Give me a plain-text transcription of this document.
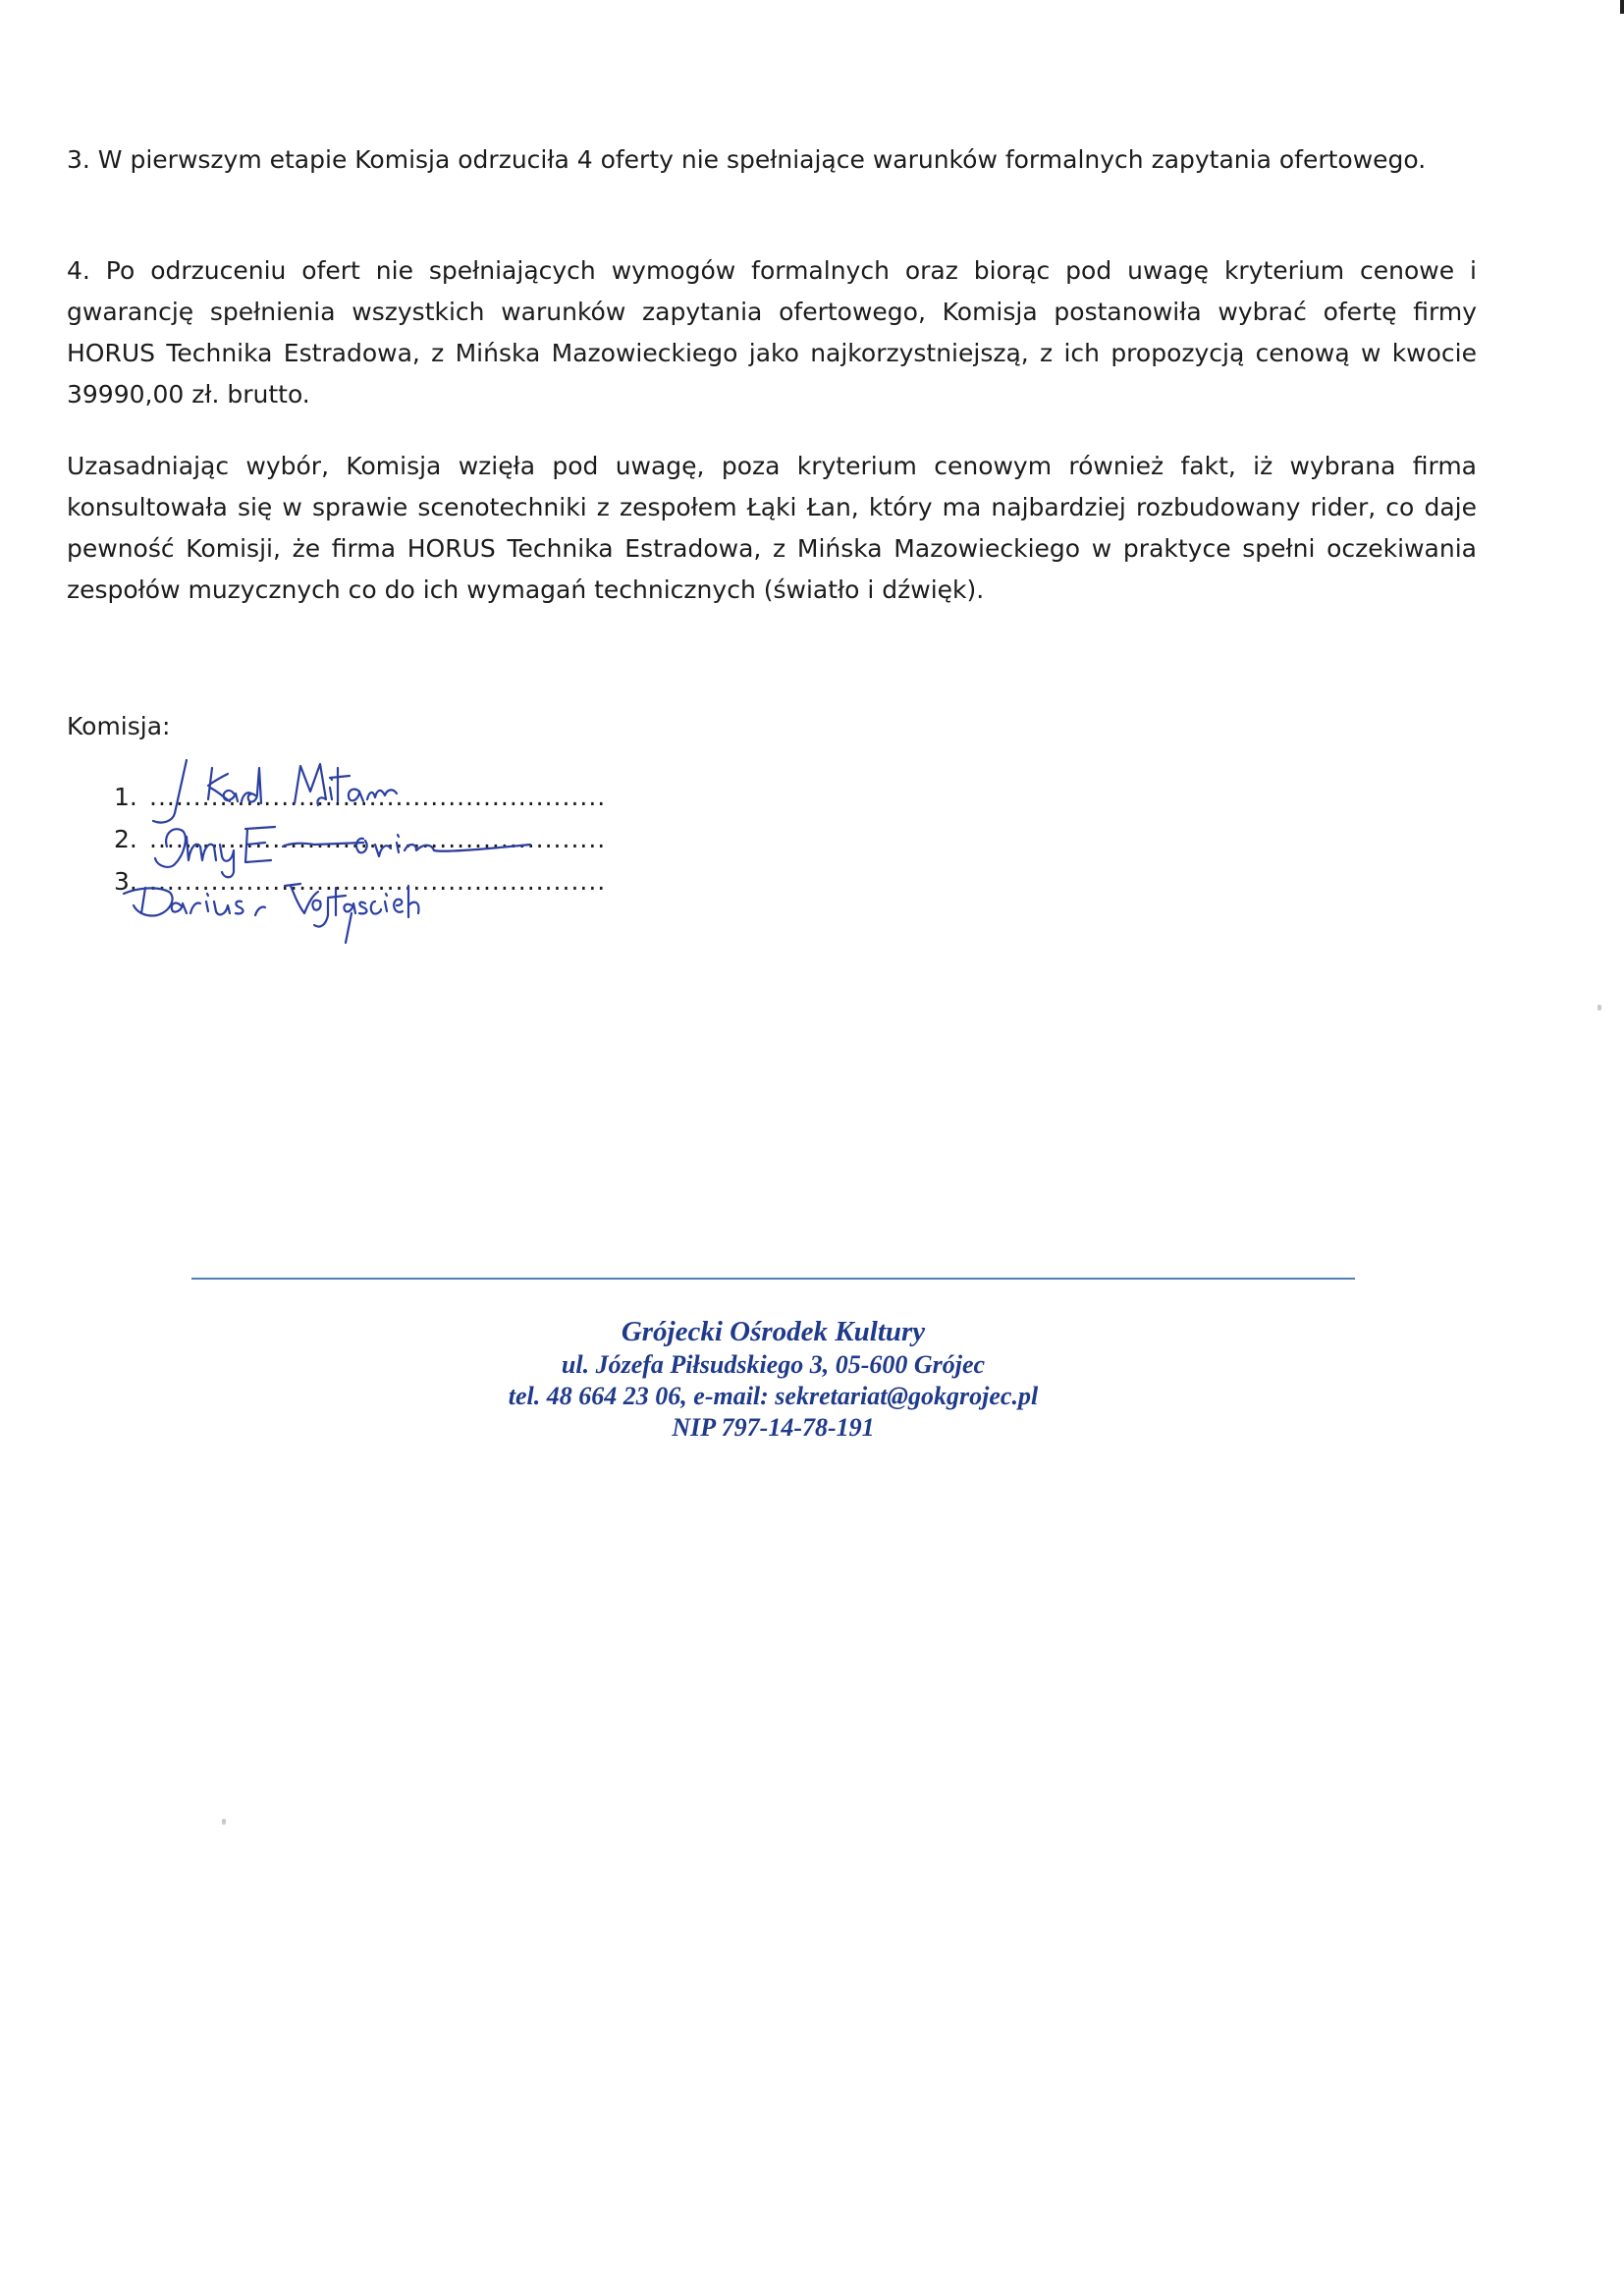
3. W pierwszym etapie Komisja odrzuciła 4 oferty nie spełniające warunków formalnych zapytania ofertowego.

4. Po odrzuceniu ofert nie spełniających wymogów formalnych oraz biorąc pod uwagę kryterium cenowe i gwarancję spełnienia wszystkich warunków zapytania ofertowego, Komisja postanowiła wybrać ofertę firmy HORUS Technika Estradowa, z Mińska Mazowieckiego jako najkorzystniejszą, z ich propozycją cenową w kwocie 39990,00 zł. brutto.

Uzasadniając wybór, Komisja wzięła pod uwagę, poza kryterium cenowym również fakt, iż wybrana firma konsultowała się w sprawie scenotechniki z zespołem Łąki Łan, który ma najbardziej rozbudowany rider, co daje pewność Komisji, że firma HORUS Technika Estradowa, z Mińska Mazowieckiego w praktyce spełni oczekiwania zespołów muzycznych co do ich wymagań technicznych (światło i dźwięk).

Komisja:
1. ....................................................
2. ....................................................
3. ....................................................
Grójecki Ośrodek Kultury
ul. Józefa Piłsudskiego 3, 05-600 Grójec
tel. 48 664 23 06, e-mail: sekretariat@gokgrojec.pl
NIP 797-14-78-191
